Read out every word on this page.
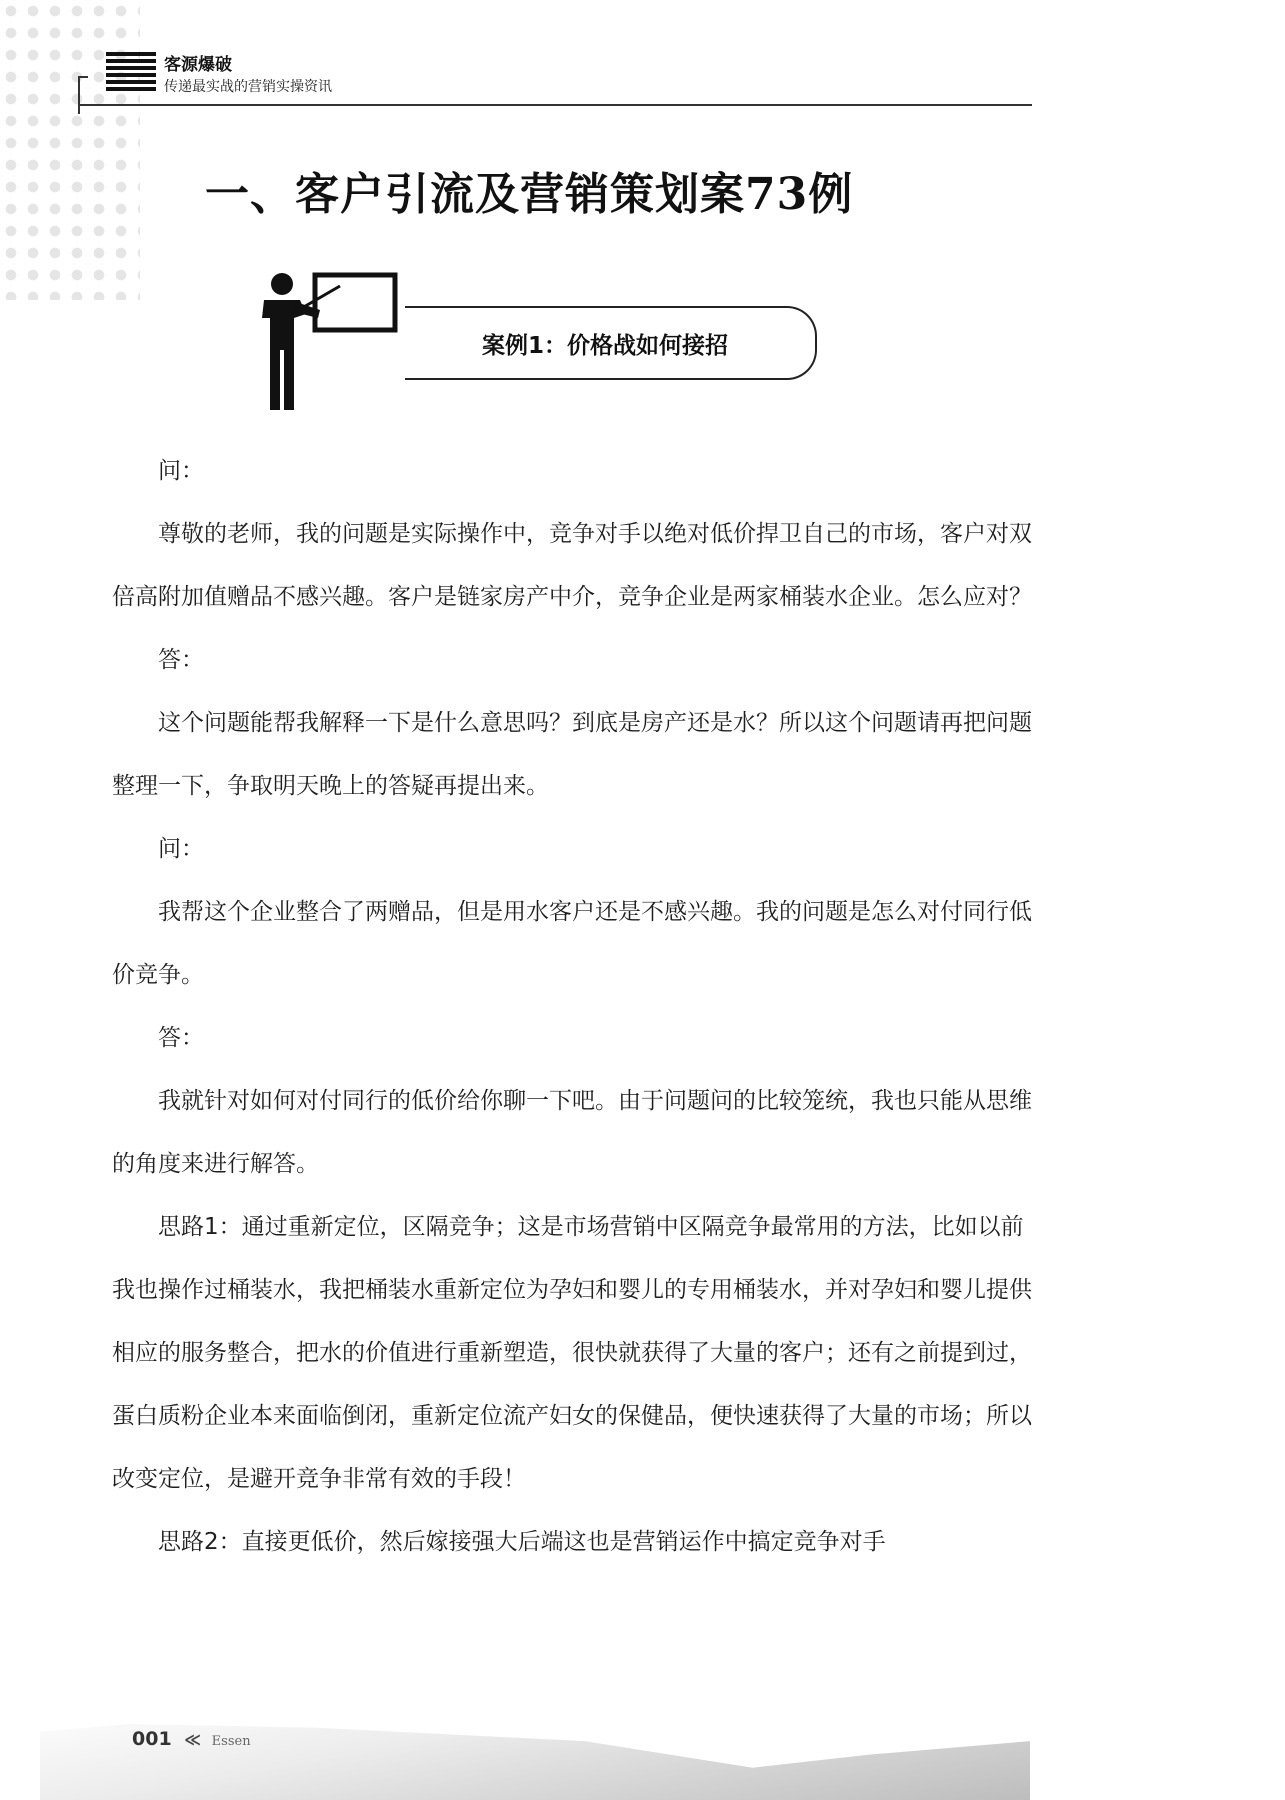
客源爆破
传递最实战的营销实操资讯
一、客户引流及营销策划案73例
案例1：价格战如何接招

问：

尊敬的老师，我的问题是实际操作中，竞争对手以绝对低价捍卫自己的市场，客户对双倍高附加值赠品不感兴趣。客户是链家房产中介，竞争企业是两家桶装水企业。怎么应对？

答：

这个问题能帮我解释一下是什么意思吗？到底是房产还是水？所以这个问题请再把问题整理一下，争取明天晚上的答疑再提出来。

问：

我帮这个企业整合了两赠品，但是用水客户还是不感兴趣。我的问题是怎么对付同行低价竞争。

答：

我就针对如何对付同行的低价给你聊一下吧。由于问题问的比较笼统，我也只能从思维的角度来进行解答。

思路1：通过重新定位，区隔竞争；这是市场营销中区隔竞争最常用的方法，比如以前我也操作过桶装水，我把桶装水重新定位为孕妇和婴儿的专用桶装水，并对孕妇和婴儿提供相应的服务整合，把水的价值进行重新塑造，很快就获得了大量的客户；还有之前提到过，蛋白质粉企业本来面临倒闭，重新定位流产妇女的保健品，便快速获得了大量的市场；所以改变定位，是避开竞争非常有效的手段！

思路2：直接更低价，然后嫁接强大后端这也是营销运作中搞定竞争对手

001 ≪ Essen
